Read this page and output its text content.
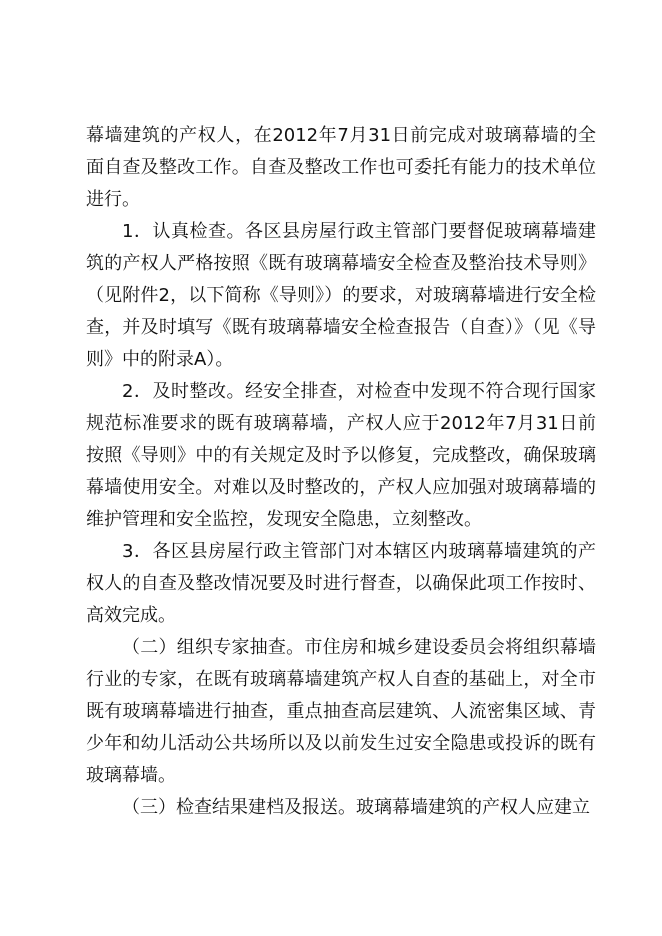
幕墙建筑的产权人，在2012年7月31日前完成对玻璃幕墙的全面自查及整改工作。自查及整改工作也可委托有能力的技术单位进行。

1．认真检查。各区县房屋行政主管部门要督促玻璃幕墙建筑的产权人严格按照《既有玻璃幕墙安全检查及整治技术导则》（见附件2，以下简称《导则》）的要求，对玻璃幕墙进行安全检查，并及时填写《既有玻璃幕墙安全检查报告（自查）》（见《导则》中的附录A）。

2．及时整改。经安全排查，对检查中发现不符合现行国家规范标准要求的既有玻璃幕墙，产权人应于2012年7月31日前按照《导则》中的有关规定及时予以修复，完成整改，确保玻璃幕墙使用安全。对难以及时整改的，产权人应加强对玻璃幕墙的维护管理和安全监控，发现安全隐患，立刻整改。

3．各区县房屋行政主管部门对本辖区内玻璃幕墙建筑的产权人的自查及整改情况要及时进行督查，以确保此项工作按时、高效完成。

（二）组织专家抽查。市住房和城乡建设委员会将组织幕墙行业的专家，在既有玻璃幕墙建筑产权人自查的基础上，对全市既有玻璃幕墙进行抽查，重点抽查高层建筑、人流密集区域、青少年和幼儿活动公共场所以及以前发生过安全隐患或投诉的既有玻璃幕墙。

（三）检查结果建档及报送。玻璃幕墙建筑的产权人应建立
